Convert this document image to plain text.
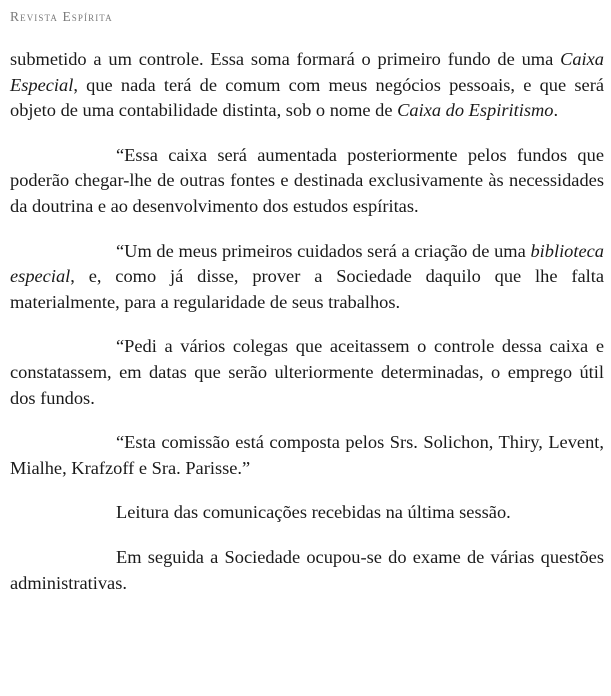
Revista Espírita

submetido a um controle. Essa soma formará o primeiro fundo de uma Caixa Especial, que nada terá de comum com meus negócios pessoais, e que será objeto de uma contabilidade distinta, sob o nome de Caixa do Espiritismo.

“Essa caixa será aumentada posteriormente pelos fundos que poderão chegar-lhe de outras fontes e destinada exclusivamente às necessidades da doutrina e ao desenvolvimento dos estudos espíritas.

“Um de meus primeiros cuidados será a criação de uma biblioteca especial, e, como já disse, prover a Sociedade daquilo que lhe falta materialmente, para a regularidade de seus trabalhos.

“Pedi a vários colegas que aceitassem o controle dessa caixa e constatassem, em datas que serão ulteriormente determinadas, o emprego útil dos fundos.

“Esta comissão está composta pelos Srs. Solichon, Thiry, Levent, Mialhe, Krafzoff e Sra. Parisse.”

Leitura das comunicações recebidas na última sessão.

Em seguida a Sociedade ocupou-se do exame de várias questões administrativas.
